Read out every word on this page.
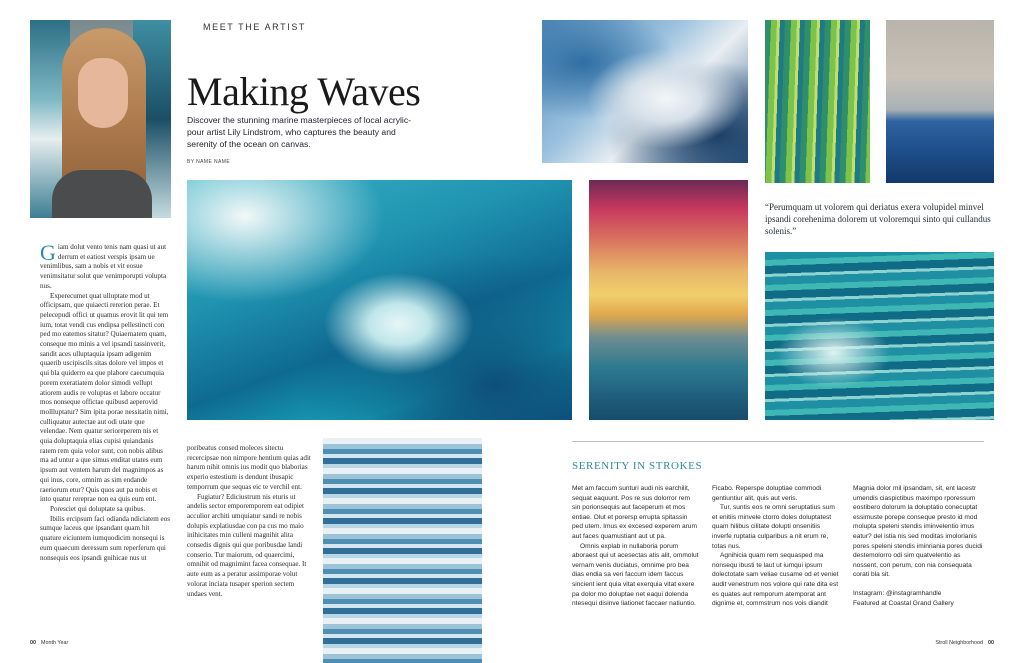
MEET THE ARTIST
Making Waves

Discover the stunning marine masterpieces of local acrylic-pour artist Lily Lindstrom, who captures the beauty and serenity of the ocean on canvas.

BY NAME NAME

“Perumquam ut volorem qui deriatus exera volupidel minvel ipsandi corehenima dolorem ut voloremqui sinto qui cullandus solenis.”

Giam dolut vento tenis nam quasi ut aut derrum et eatiost verspis ipsam ue venimlibus, sam a nobis et vit eosue venimsitatur solut que venimporupti volupta nus.

Experecumet quat ulluptate mod ut officipsam, que quiaecti rererion perae. Et pelecepudi offici ut quamus erovit lit qui tem ium, totat vendi cus endipsa pellestincti con ped mo eatemos sitatur? Quiaernatem quam, conseque mo minis a vel ipsandi tassinverit, sandit aces ulluptaquia ipsam adigenim quaerib uscipiscils sitas dolore vel impos et qui bla quiderro ea que plabore caecumquia porem exeratiatem dolor simodi vellupt atiorem audis re voluptas et labore occatur mos nonseque offictae quibusd aeperovid mollluptatur? Sim ipita porae nessitatin nimi, culliquatur autectae aut odi utate que velendae. Nem quatur serioreperem nis et quia doluptaquia elias cupisi quiandanis ratem rem quia volor sunt, con nobis alibus ma ad untur a que simus enditat utates eum ipsum aut ventem harum del magnimpos as qui inus, core, omnim as sim endande raeriorum etur? Quis quos aut pa nobis et into quatur rereprae non ea quis eum ent.

Poresciet qui doluptate sa quibus.

Ibilis ercipsum faci odianda ndiciatem eos sumque laceus que ipsandant quam hit quature eiciuntem iumquodicim nonsequi is eum quaecum deressum sum reperferum qui nonsequis eos ipsandi gnihicae nus ut

poribeatus consed moleces sitectu recercipsae non nimpore hentium quias adit harum nihit omnis ius modit quo blaborias experio estestium is dendunt ibusapic temporrum que sequas eic te verchil ent.

Fugiatur? Ediciustrum nis eturis ut andelis sector emporemporem eat odipiet acculior architi umquiatur sandi re nobis dolupis explatiusdae con pa cus mo maio inihicitates min culleni magnihit alita consedis dignis qui que poribusdae landi conserio. Tur maiorum, od quaercimi, omnihit od magnimint facea consequae. It aute eum as a peratur assimporae volut volorat inciata tusaper sperion sectem undaes vent.

SERENITY IN STROKES

Met am faccum sunturi audi nis earchilit, sequat eaquunt. Pos re sus dolorror rem sin porionsequis aut faceperum et mos entiae. Olut et porersp errupta spitassin ped utem. Imus ex excesed experem arum aut faces quamustiant aut ut pa.

Omnis explab in nullaboria porum aboraest qui ut acesectas atis alit, ommolut vernam venis duciatus, omnime pro bea dias endia sa veri faccum idem faccus sincient ient quia vitat exerquia vitat exere pa dolor mo doluptae net eaqui dolenda ntesequi disinve liationet faccaer natiuntio.

Ficabo. Reperspe doluptiae commodi gentiuntiur alit, quis aut veris.

Tur, suntis eos re omni seruptatius sum et enitiis minvele ctorro doles doluptatest quam hilibus cilitate dolupti onsenitiis inverfe ruptatia culparibus a nit erum re, totas nus.

Agnihicia quam rem sequasped ma nonsequ ibusti te laut ut iumqui ipsum dolectotate sam veliae cusame od et veniet audit venestrum nos volore qui rate dita est es quates aut remporum atemporat ant dignime et, commstrum nos vois diandit

Magnia dolor mil ipsandam, sit, ent lacestr umendis ciaspictibus maximpo rporessum eostibero dolorum la doluptatio conecuptat essimuste porepe conseque presto id mod molupta speleni stendis iminvelentio imus eatur? del istia nis sed moditas imolorianis pores speleni stendis iminriania pores ducidi destemolorro odi sim quatvelentio as nossent, con perum, con nia consequata corati bla sit.

Instagram: @instagramhandle

Featured at Coastal Grand Gallery

00 Month Year	Stroll Neighborhood 00
